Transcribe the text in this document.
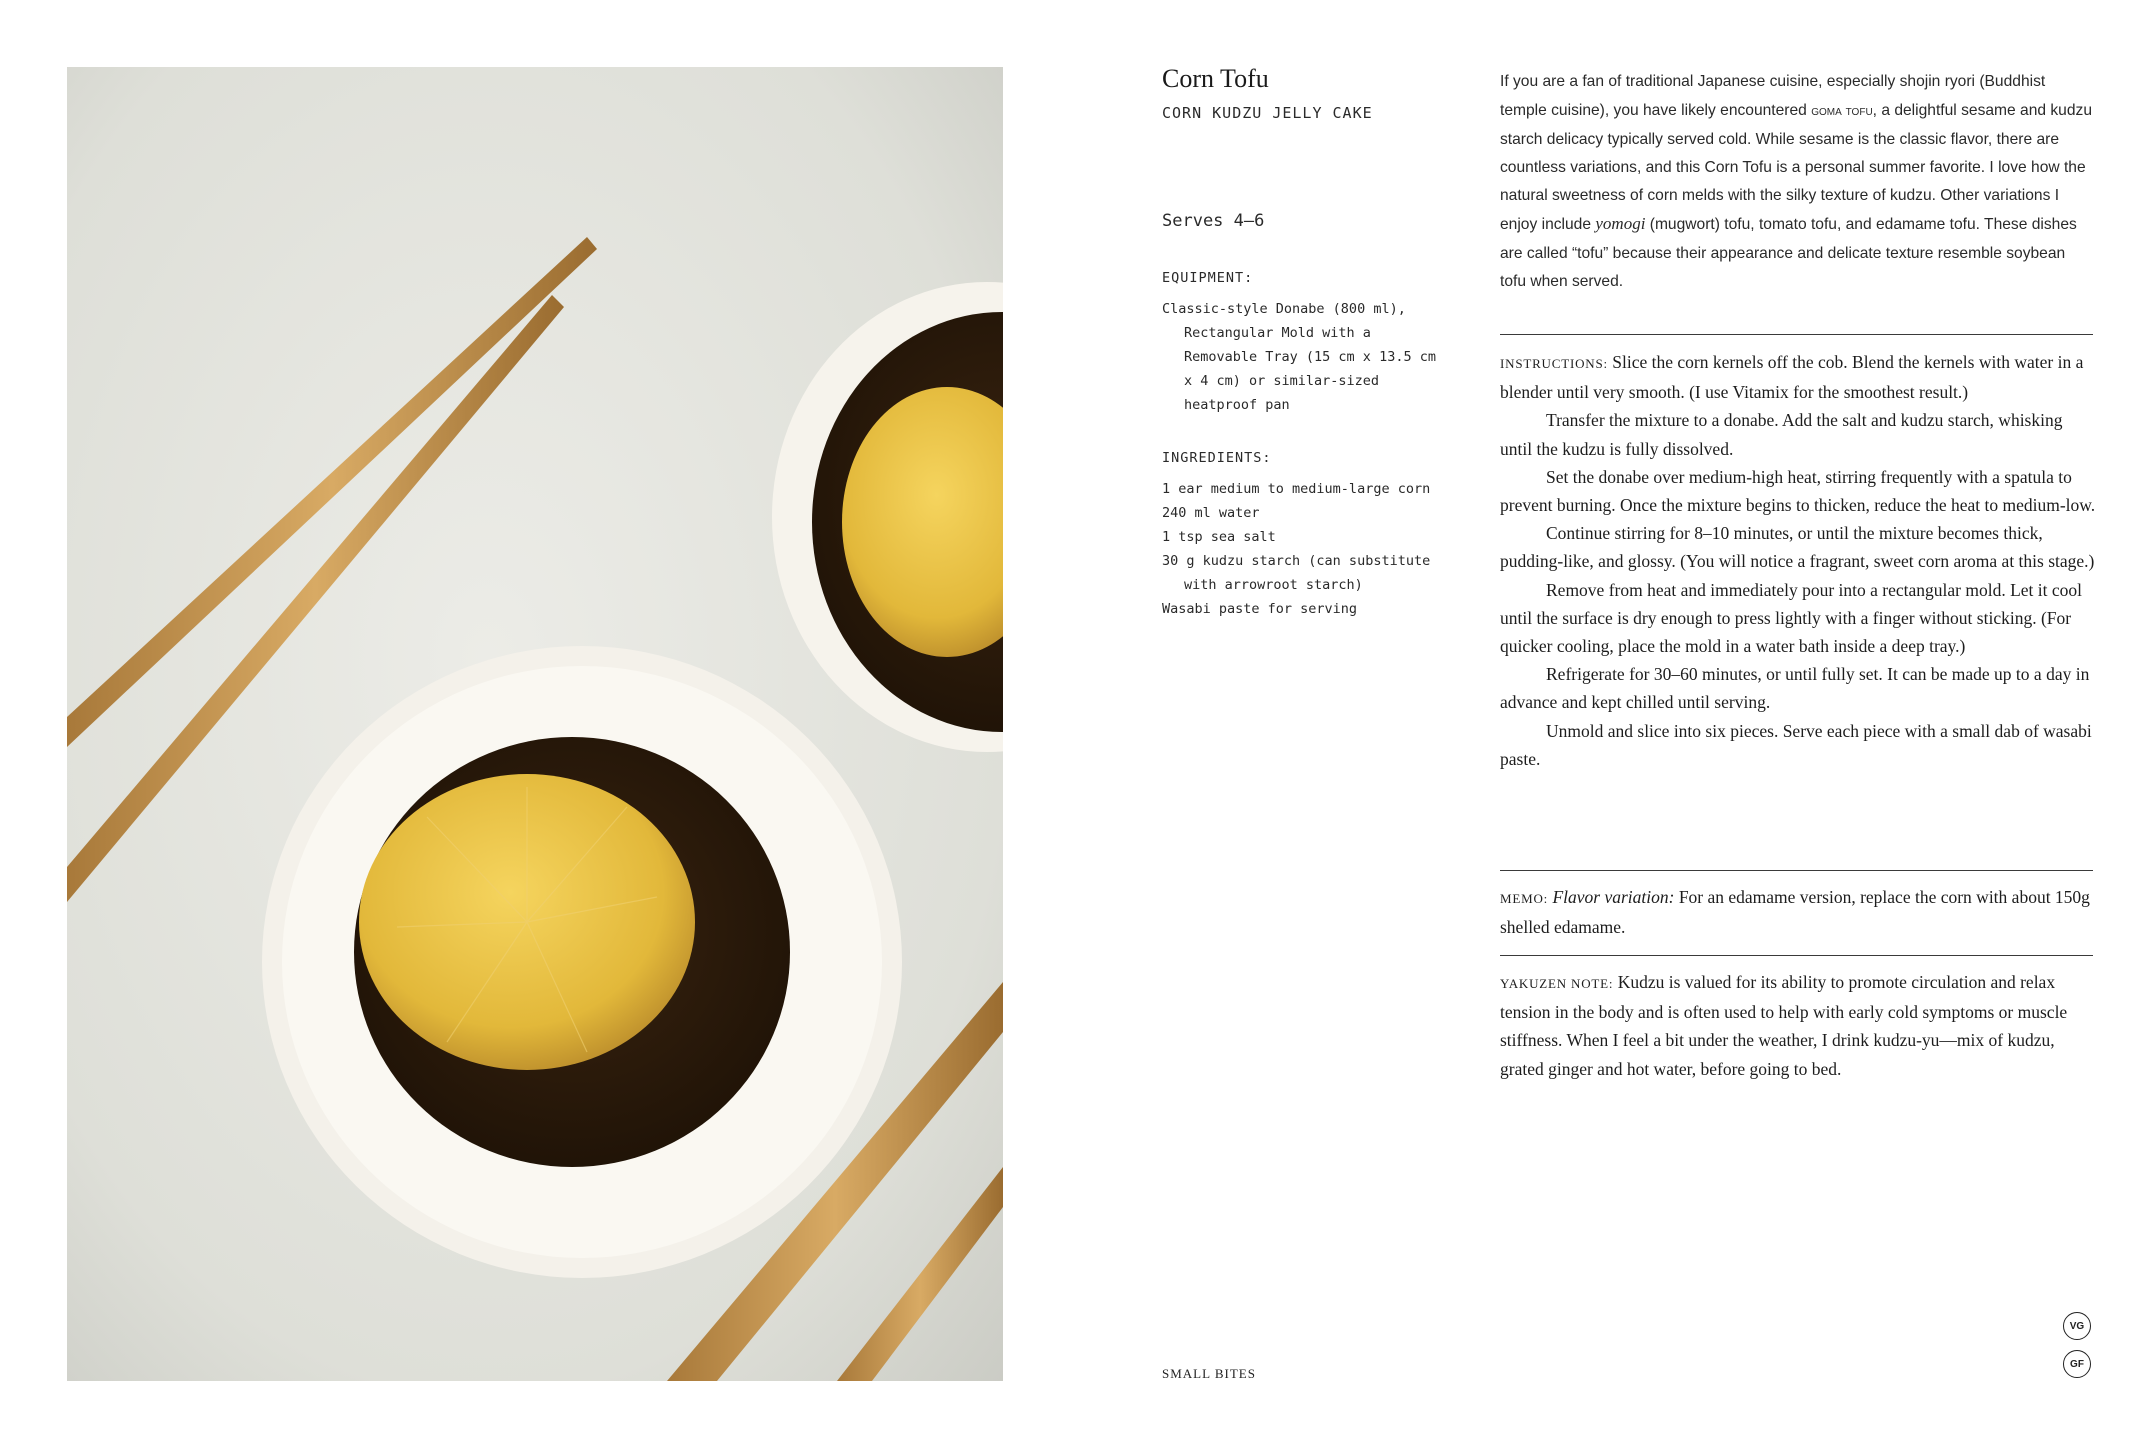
Corn Tofu
CORN KUDZU JELLY CAKE
Serves 4–6
EQUIPMENT:

Classic-style Donabe (800 ml), Rectangular Mold with a Removable Tray (15 cm x 13.5 cm x 4 cm) or similar-sized heatproof pan

INGREDIENTS:

1 ear medium to medium-large corn

240 ml water

1 tsp sea salt

30 g kudzu starch (can substitute with arrowroot starch)

Wasabi paste for serving

If you are a fan of traditional Japanese cuisine, especially shojin ryori (Buddhist temple cuisine), you have likely encountered goma tofu, a delightful sesame and kudzu starch delicacy typically served cold. While sesame is the classic flavor, there are countless variations, and this Corn Tofu is a personal summer favorite. I love how the natural sweetness of corn melds with the silky texture of kudzu. Other variations I enjoy include yomogi (mugwort) tofu, tomato tofu, and edamame tofu. These dishes are called “tofu” because their appearance and delicate texture resemble soybean tofu when served.

INSTRUCTIONS: Slice the corn kernels off the cob. Blend the kernels with water in a blender until very smooth. (I use Vitamix for the smoothest result.)

Transfer the mixture to a donabe. Add the salt and kudzu starch, whisking until the kudzu is fully dissolved.

Set the donabe over medium-high heat, stirring frequently with a spatula to prevent burning. Once the mixture begins to thicken, reduce the heat to medium-low.

Continue stirring for 8–10 minutes, or until the mixture becomes thick, pudding-like, and glossy. (You will notice a fragrant, sweet corn aroma at this stage.)

Remove from heat and immediately pour into a rectangular mold. Let it cool until the surface is dry enough to press lightly with a finger without sticking. (For quicker cooling, place the mold in a water bath inside a deep tray.)

Refrigerate for 30–60 minutes, or until fully set. It can be made up to a day in advance and kept chilled until serving.

Unmold and slice into six pieces. Serve each piece with a small dab of wasabi paste.

MEMO: Flavor variation: For an edamame version, replace the corn with about 150g shelled edamame.

YAKUZEN NOTE: Kudzu is valued for its ability to promote circulation and relax tension in the body and is often used to help with early cold symptoms or muscle stiffness. When I feel a bit under the weather, I drink kudzu-yu—mix of kudzu, grated ginger and hot water, before going to bed.

SMALL BITES
VG
GF
